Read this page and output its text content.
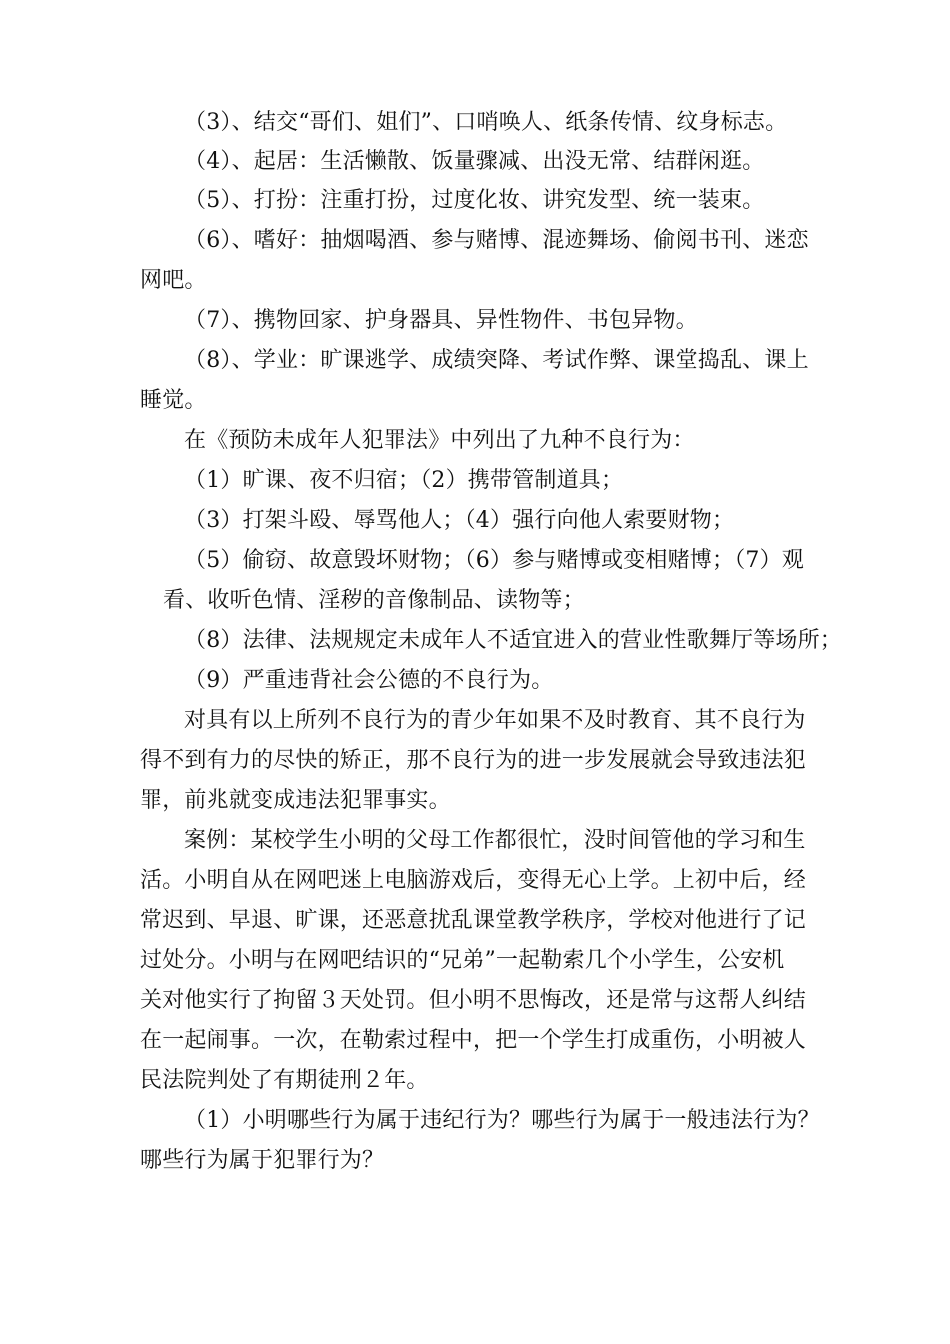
（3）、结交“哥们、姐们”、口哨唤人、纸条传情、纹身标志。
（4）、起居：生活懒散、饭量骤减、出没无常、结群闲逛。
（5）、打扮：注重打扮，过度化妆、讲究发型、统一装束。
（6）、嗜好：抽烟喝酒、参与赌博、混迹舞场、偷阅书刊、迷恋
网吧。
（7）、携物回家、护身器具、异性物件、书包异物。
（8）、学业：旷课逃学、成绩突降、考试作弊、课堂捣乱、课上
睡觉。
在《预防未成年人犯罪法》中列出了九种不良行为：
（1）旷课、夜不归宿；（2）携带管制道具；
（3）打架斗殴、辱骂他人；（4）强行向他人索要财物；
（5）偷窃、故意毁坏财物；（6）参与赌博或变相赌博；（7）观
看、收听色情、淫秽的音像制品、读物等；
（8）法律、法规规定未成年人不适宜进入的营业性歌舞厅等场所；
（9）严重违背社会公德的不良行为。
对具有以上所列不良行为的青少年如果不及时教育、其不良行为
得不到有力的尽快的矫正，那不良行为的进一步发展就会导致违法犯
罪，前兆就变成违法犯罪事实。
案例：某校学生小明的父母工作都很忙，没时间管他的学习和生
活。小明自从在网吧迷上电脑游戏后，变得无心上学。上初中后，经
常迟到、早退、旷课，还恶意扰乱课堂教学秩序，学校对他进行了记
过处分。小明与在网吧结识的“兄弟”一起勒索几个小学生，公安机
关对他实行了拘留３天处罚。但小明不思悔改，还是常与这帮人纠结
在一起闹事。一次，在勒索过程中，把一个学生打成重伤，小明被人
民法院判处了有期徒刑２年。
（1）小明哪些行为属于违纪行为？哪些行为属于一般违法行为？
哪些行为属于犯罪行为？
